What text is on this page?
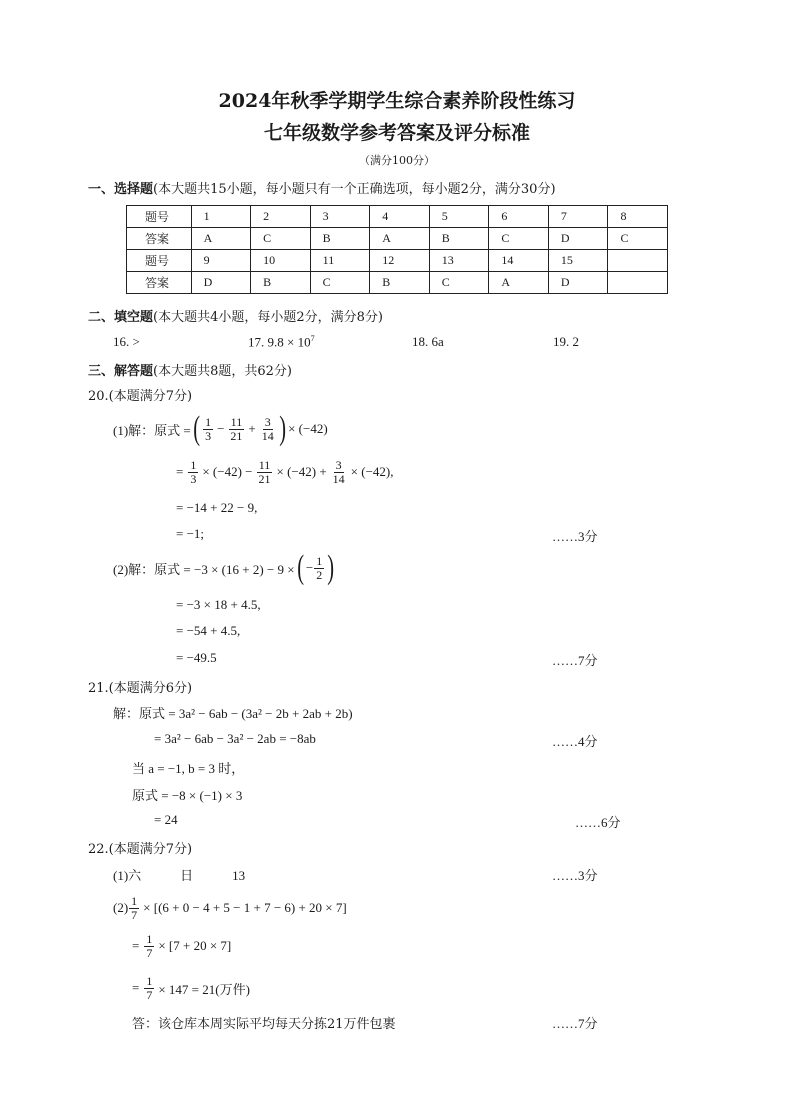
2024年秋季学期学生综合素养阶段性练习
七年级数学参考答案及评分标准
（满分100分）
一、选择题(本大题共15小题，每小题只有一个正确选项，每小题2分，满分30分)
题号	1	2	3	4	5	6	7	8
答案	A	C	B	A	B	C	D	C
题号	9	10	11	12	13	14	15	
答案	D	B	C	B	C	A	D	
二、填空题(本大题共4小题，每小题2分，满分8分)
16. >	17. $9.8 \times 10^7$	18. 6a	19. 2
三、解答题(本大题共8题，共62分)
20.(本题满分7分)
(1)解：原式 = ( $\frac{1}{3} - \frac{11}{21} + \frac{3}{14}$ ) × (−42)
= $\frac{1}{3} \times (-42) - \frac{11}{21} \times (-42) + \frac{3}{14} \times (-42)$,
= −14 + 22 − 9,
= −1;	……3分
(2)解：原式 = −3 × (16 + 2) − 9 × ( − $\frac{1}{2}$ )
= −3 × 18 + 4.5,
= −54 + 4.5,
= −49.5	……7分
21.(本题满分6分)
解：原式 = 3a² − 6ab − (3a² − 2b + 2ab + 2b)
= 3a² − 6ab − 3a² − 2ab = −8ab	……4分
当 a = −1, b = 3 时，
原式 = −8 × (−1) × 3
= 24	……6分
22.(本题满分7分)
(1)六　　　日　　　13	……3分
$(2) \frac{1}{7} \times [(6 + 0 - 4 + 5 - 1 + 7 - 6) + 20 \times 7]$
= $\frac{1}{7} \times [7 + 20 \times 7]$
= $\frac{1}{7} \times 147 = 21$(万件)
答：该仓库本周实际平均每天分拣21万件包裹	……7分
